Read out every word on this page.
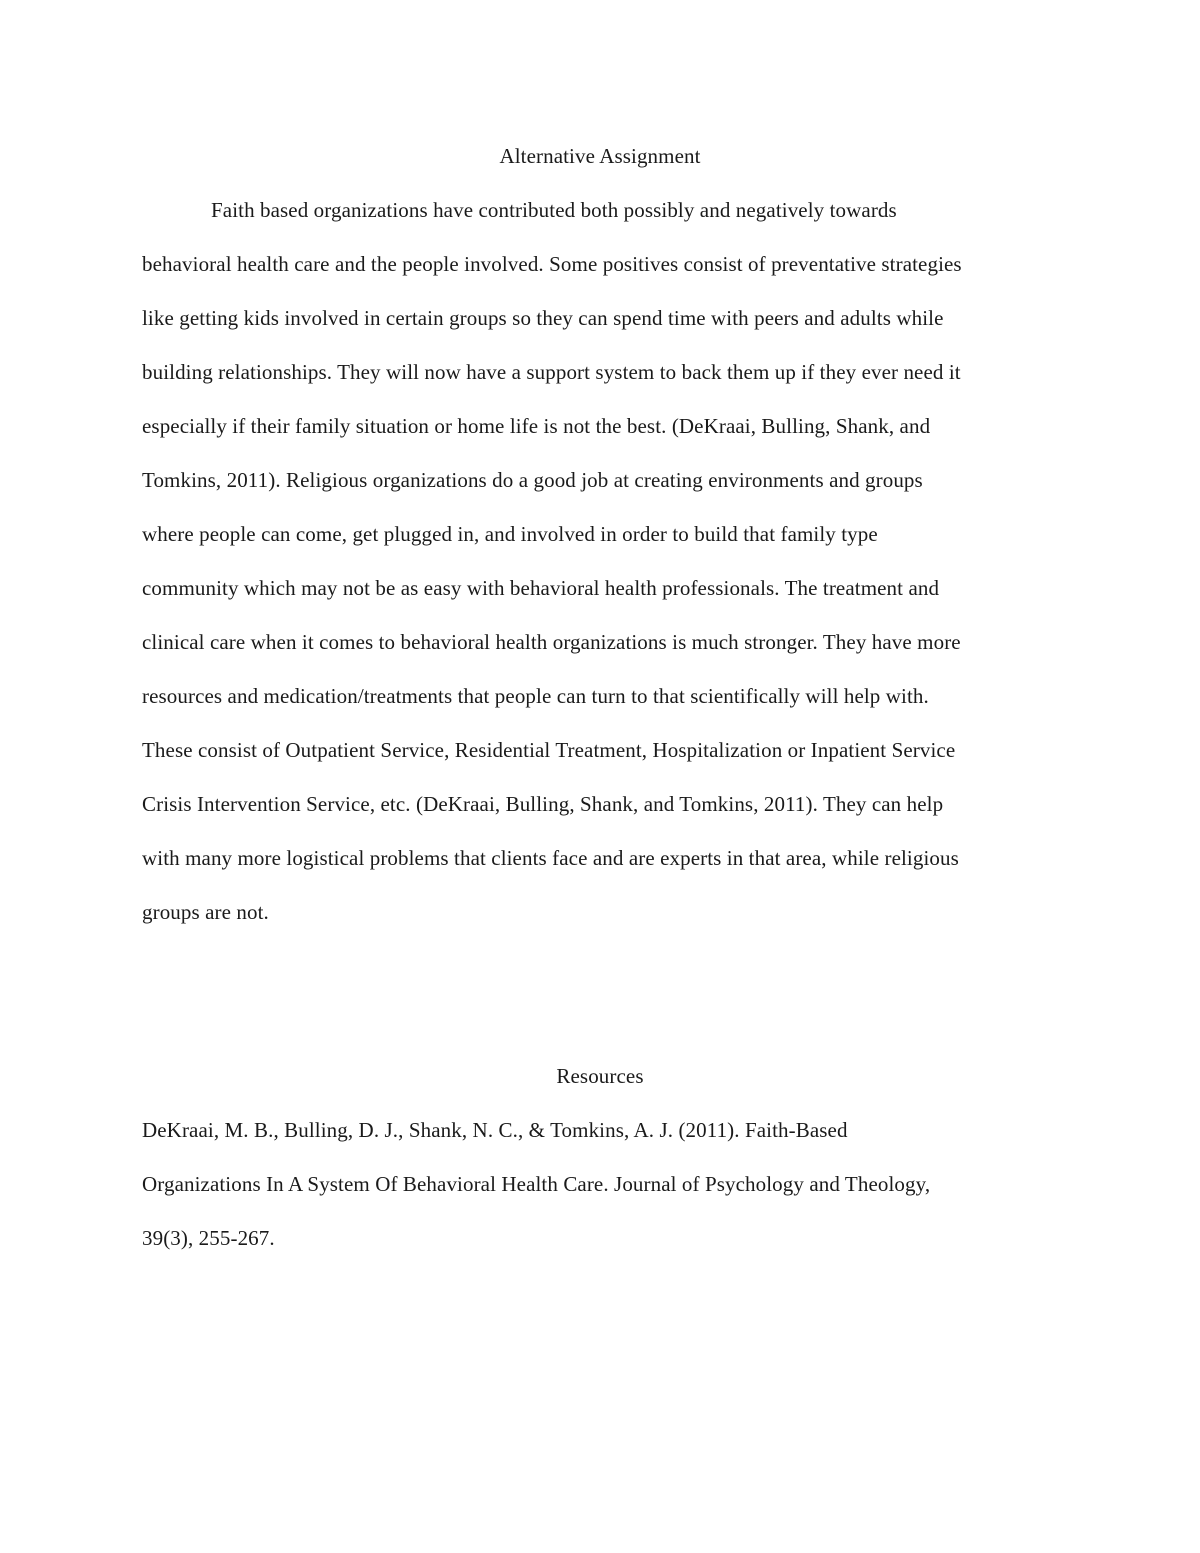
Alternative Assignment
Faith based organizations have contributed both possibly and negatively towards
behavioral health care and the people involved. Some positives consist of preventative strategies
like getting kids involved in certain groups so they can spend time with peers and adults while
building relationships. They will now have a support system to back them up if they ever need it
especially if their family situation or home life is not the best. (DeKraai, Bulling, Shank, and
Tomkins, 2011). Religious organizations do a good job at creating environments and groups
where people can come, get plugged in, and involved in order to build that family type
community which may not be as easy with behavioral health professionals. The treatment and
clinical care when it comes to behavioral health organizations is much stronger. They have more
resources and medication/treatments that people can turn to that scientifically will help with.
These consist of Outpatient Service, Residential Treatment, Hospitalization or Inpatient Service
Crisis Intervention Service, etc. (DeKraai, Bulling, Shank, and Tomkins, 2011). They can help
with many more logistical problems that clients face and are experts in that area, while religious
groups are not.
Resources
DeKraai, M. B., Bulling, D. J., Shank, N. C., & Tomkins, A. J. (2011). Faith-Based
Organizations In A System Of Behavioral Health Care. Journal of Psychology and Theology,
39(3), 255-267.
